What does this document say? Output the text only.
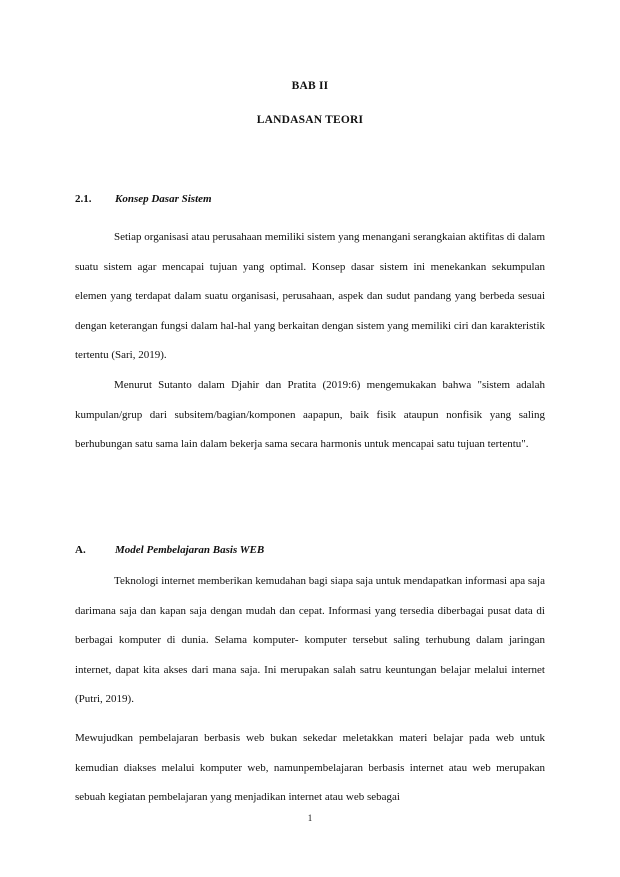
BAB II
LANDASAN TEORI
2.1. Konsep Dasar Sistem

Setiap organisasi atau perusahaan memiliki sistem yang menangani serangkaian aktifitas di dalam suatu sistem agar mencapai tujuan yang optimal. Konsep dasar sistem ini menekankan sekumpulan elemen yang terdapat dalam suatu organisasi, perusahaan, aspek dan sudut pandang yang berbeda sesuai dengan keterangan fungsi dalam hal-hal yang berkaitan dengan sistem yang memiliki ciri dan karakteristik tertentu (Sari, 2019).

Menurut Sutanto dalam Djahir dan Pratita (2019:6) mengemukakan bahwa "sistem adalah kumpulan/grup dari subsitem/bagian/komponen aapapun, baik fisik ataupun nonfisik yang saling berhubungan satu sama lain dalam bekerja sama secara harmonis untuk mencapai satu tujuan tertentu".

A.	Model Pembelajaran Basis WEB

Teknologi internet memberikan kemudahan bagi siapa saja untuk mendapatkan informasi apa saja darimana saja dan kapan saja dengan mudah dan cepat. Informasi yang tersedia diberbagai pusat data di berbagai komputer di dunia. Selama komputer- komputer tersebut saling terhubung dalam jaringan internet, dapat kita akses dari mana saja. Ini merupakan salah satru keuntungan belajar melalui internet (Putri, 2019).

Mewujudkan pembelajaran berbasis web bukan sekedar meletakkan materi belajar pada web untuk kemudian diakses melalui komputer web, namunpembelajaran berbasis internet atau web merupakan sebuah kegiatan pembelajaran yang menjadikan internet atau web sebagai

1
